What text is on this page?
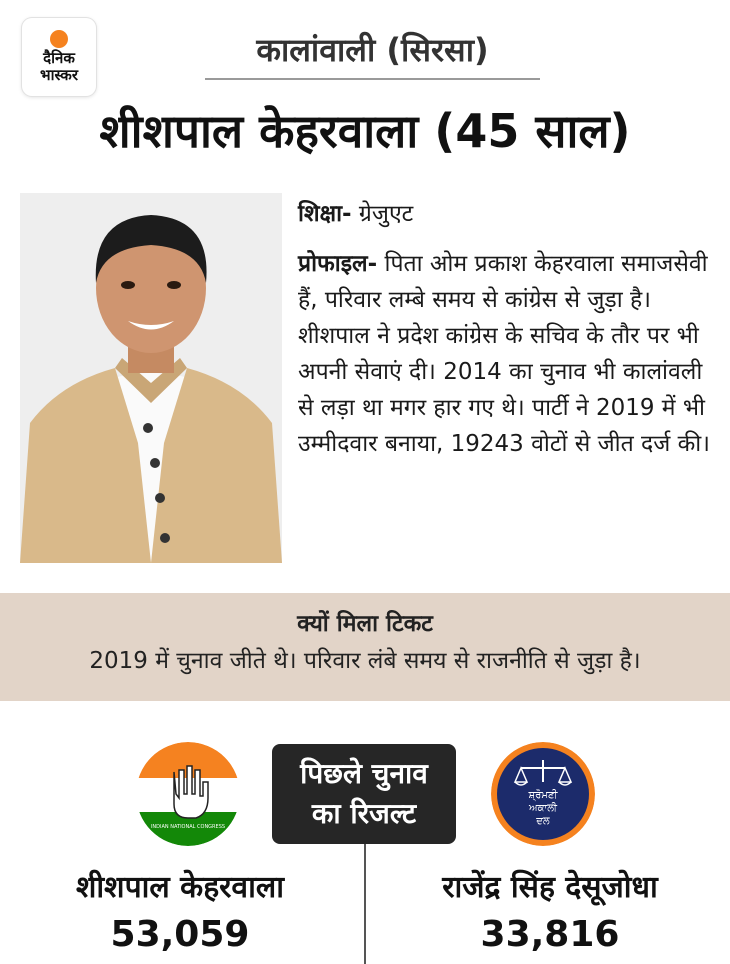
दैनिक
भास्कर
कालांवाली (सिरसा)
शीशपाल केहरवाला (45 साल)

शिक्षा- ग्रेजुएट

प्रोफाइल- पिता ओम प्रकाश केहरवाला समाजसेवी हैं, परिवार लम्बे समय से कांग्रेस से जुड़ा है। शीशपाल ने प्रदेश कांग्रेस के सचिव के तौर पर भी अपनी सेवाएं दी। 2014 का चुनाव भी कालांवली से लड़ा था मगर हार गए थे। पार्टी ने 2019 में भी उम्मीदवार बनाया, 19243 वोटों से जीत दर्ज की।

क्यों मिला टिकट
2019 में चुनाव जीते थे। परिवार लंबे समय से राजनीति से जुड़ा है।
INDIAN NATIONAL CONGRESS
पिछले चुनाव
का रिजल्ट
ਸ਼੍ਰੋਮਣੀ
ਅਕਾਲੀ
ਦਲ
शीशपाल केहरवाला
53,059
राजेंद्र सिंह देसूजोधा
33,816
